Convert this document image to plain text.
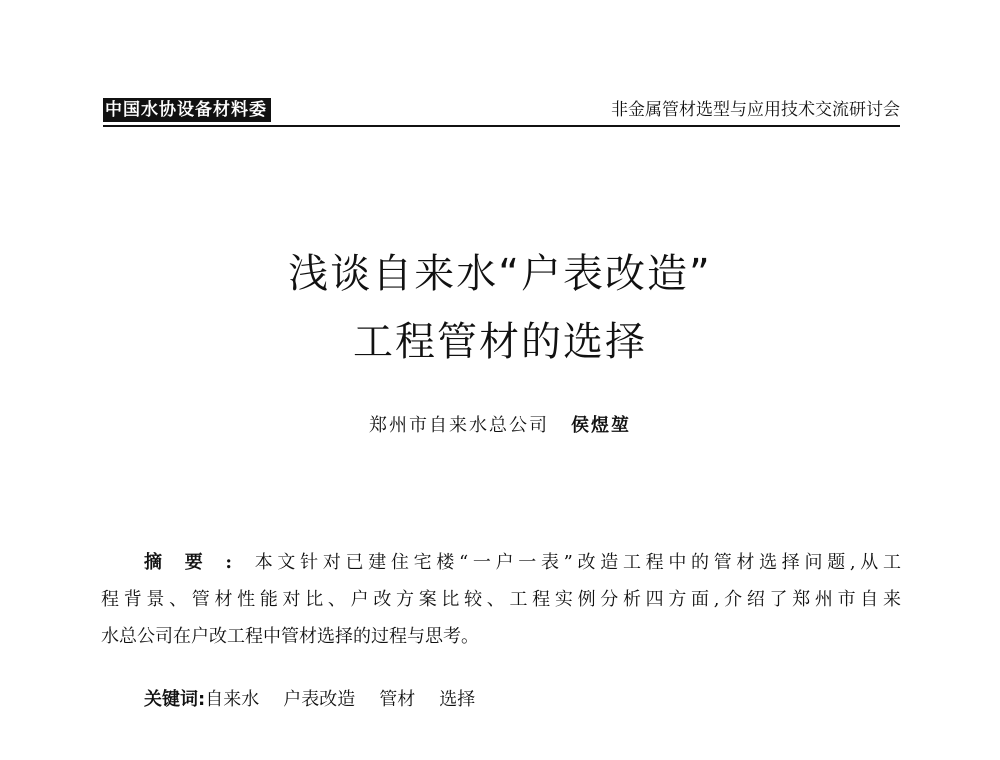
中国水协设备材料委	非金属管材选型与应用技术交流研讨会
浅谈自来水“户表改造”
工程管材的选择
郑州市自来水总公司 侯煜堃
摘要:本文针对已建住宅楼“一户一表”改造工程中的管材选择问题,从工
程背景、管材性能对比、户改方案比较、工程实例分析四方面,介绍了郑州市自来
水总公司在户改工程中管材选择的过程与思考。
关键词:自来水 户表改造 管材 选择
